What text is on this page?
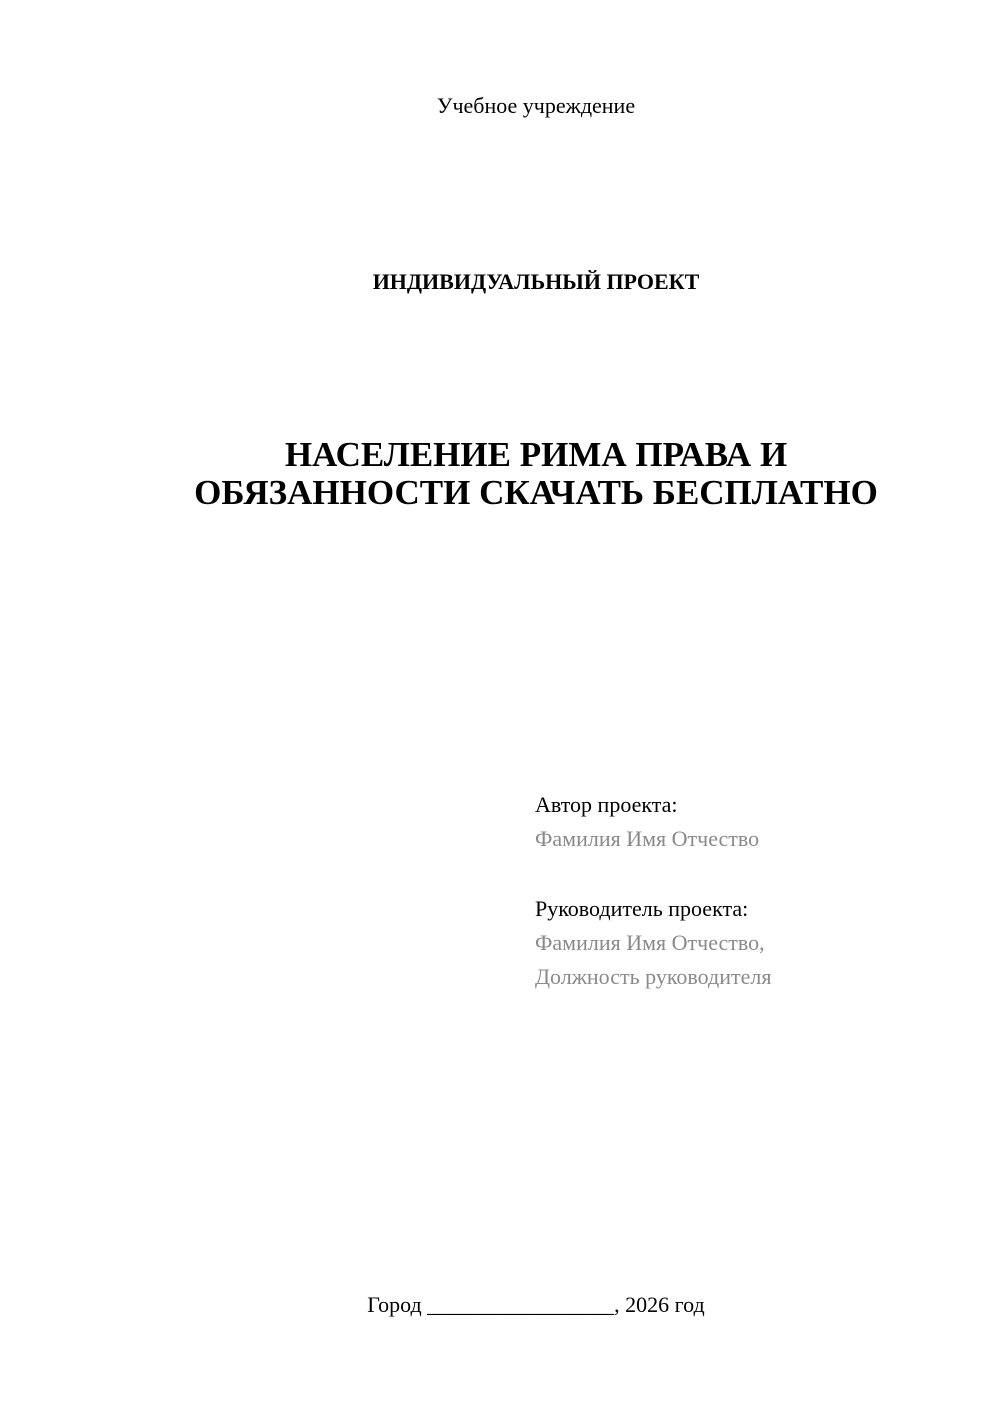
Учебное учреждение
ИНДИВИДУАЛЬНЫЙ ПРОЕКТ
НАСЕЛЕНИЕ РИМА ПРАВА И
ОБЯЗАННОСТИ СКАЧАТЬ БЕСПЛАТНО
Автор проекта:
Фамилия Имя Отчество
Руководитель проекта:
Фамилия Имя Отчество,
Должность руководителя
Город _________________, 2026 год
